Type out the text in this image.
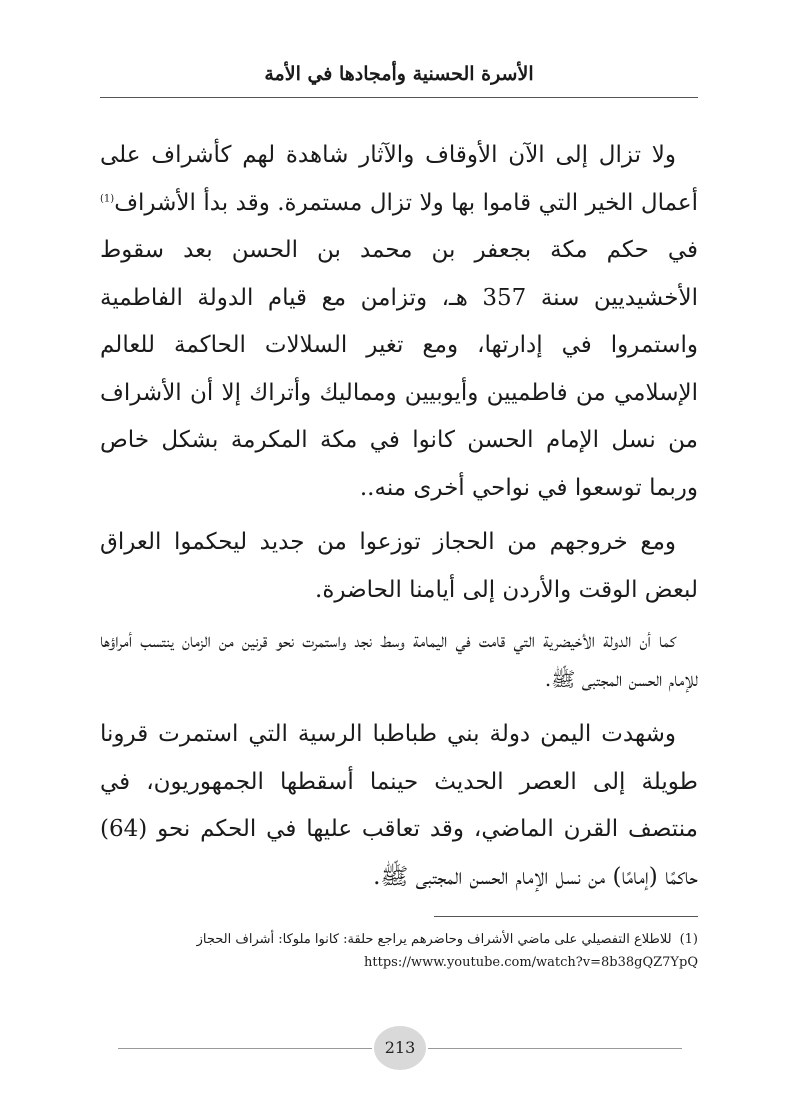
الأسرة الحسنية وأمجادها في الأمة

ولا تزال إلى الآن الأوقاف والآثار شاهدة لهم كأشراف على أعمال الخير التي قاموا بها ولا تزال مستمرة. وقد بدأ الأشراف$^{(1)}$ في حكم مكة بجعفر بن محمد بن الحسن بعد سقوط الأخشيديين سنة 357 هـ، وتزامن مع قيام الدولة الفاطمية واستمروا في إدارتها، ومع تغير السلالات الحاكمة للعالم الإسلامي من فاطميين وأيوبيين ومماليك وأتراك إلا أن الأشراف من نسل الإمام الحسن كانوا في مكة المكرمة بشكل خاص وربما توسعوا في نواحي أخرى منه..

ومع خروجهم من الحجاز توزعوا من جديد ليحكموا العراق لبعض الوقت والأردن إلى أيامنا الحاضرة.

كما أن الدولة الأخيضرية التي قامت في اليمامة وسط نجد واستمرت نحو قرنين من الزمان ينتسب أمراؤها للإمام الحسن المجتبى ﷺ.

وشهدت اليمن دولة بني طباطبا الرسية التي استمرت قرونا طويلة إلى العصر الحديث حينما أسقطها الجمهوريون، في منتصف القرن الماضي، وقد تعاقب عليها في الحكم نحو (64) حاكمًا (إمامًا) من نسل الإمام الحسن المجتبى ﷺ.

(1)للاطلاع التفصيلي على ماضي الأشراف وحاضرهم يراجع حلقة: كانوا ملوكا: أشراف الحجاز
https://www.youtube.com/watch?v=8b38gQZ7YpQ
213
